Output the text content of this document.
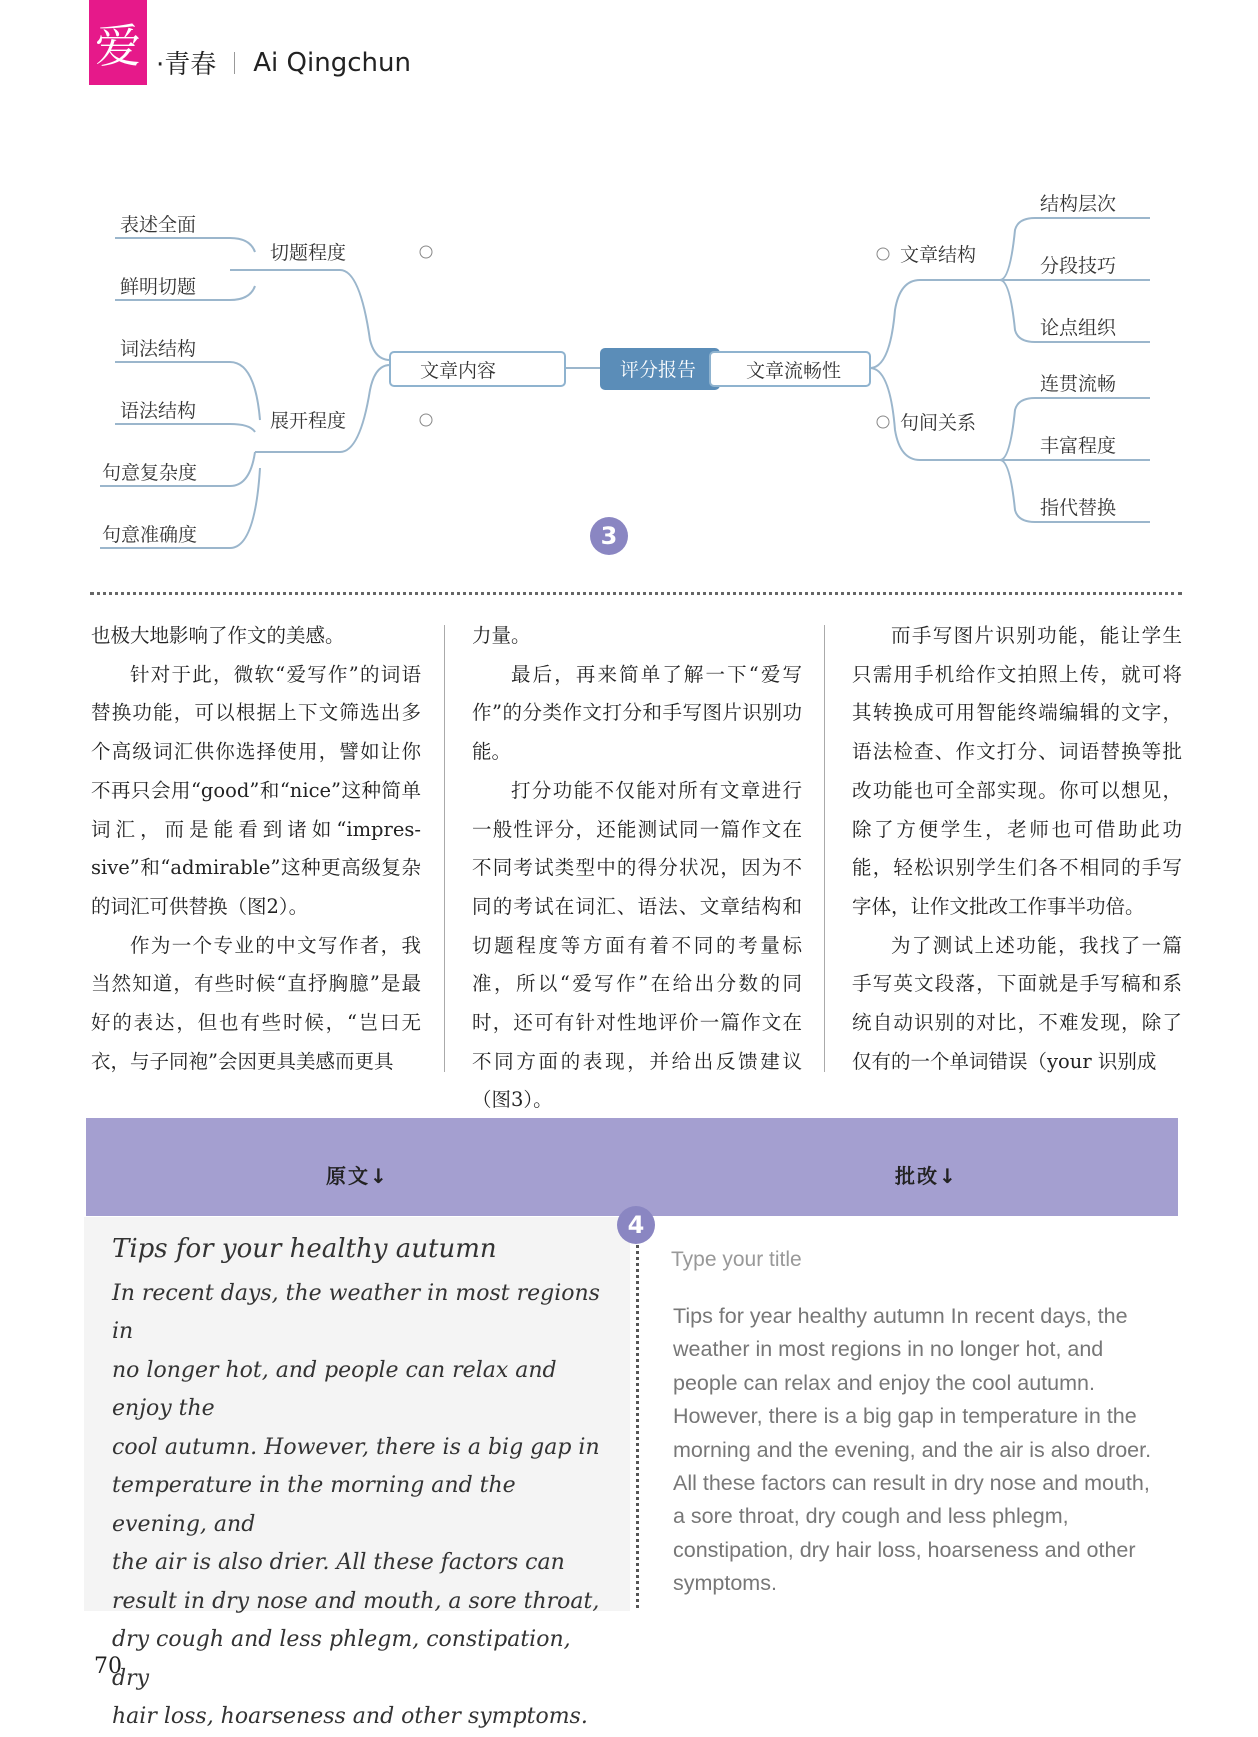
爱 ·青春 Ai Qingchun
评分报告
文章内容	文章流畅性
切题程度
展开程度
表述全面
鲜明切题
词法结构
语法结构
句意复杂度
句意准确度
文章结构
句间关系
结构层次
分段技巧
论点组织
连贯流畅
丰富程度
指代替换
3

也极大地影响了作文的美感。

针对于此，微软“爱写作”的词语替换功能，可以根据上下文筛选出多个高级词汇供你选择使用，譬如让你不再只会用“good”和“nice”这种简单词汇，而是能看到诸如“impres-sive”和“admirable”这种更高级复杂的词汇可供替换（图2）。

作为一个专业的中文写作者，我当然知道，有些时候“直抒胸臆”是最好的表达，但也有些时候，“岂曰无衣，与子同袍”会因更具美感而更具

力量。

最后，再来简单了解一下“爱写作”的分类作文打分和手写图片识别功能。

打分功能不仅能对所有文章进行一般性评分，还能测试同一篇作文在不同考试类型中的得分状况，因为不同的考试在词汇、语法、文章结构和切题程度等方面有着不同的考量标准，所以“爱写作”在给出分数的同时，还可有针对性地评价一篇作文在不同方面的表现，并给出反馈建议（图3）。

而手写图片识别功能，能让学生只需用手机给作文拍照上传，就可将其转换成可用智能终端编辑的文字，语法检查、作文打分、词语替换等批改功能也可全部实现。你可以想见，除了方便学生，老师也可借助此功能，轻松识别学生们各不相同的手写字体，让作文批改工作事半功倍。

为了测试上述功能，我找了一篇手写英文段落，下面就是手写稿和系统自动识别的对比，不难发现，除了仅有的一个单词错误（your 识别成

原文↓	批改↓
Tips for your healthy autumn
In recent days, the weather in most regions in
no longer hot, and people can relax and enjoy the
cool autumn. However, there is a big gap in
temperature in the morning and the evening, and
the air is also drier. All these factors can
result in dry nose and mouth, a sore throat,
dry cough and less phlegm, constipation, dry
hair loss, hoarseness and other symptoms.
4
Type your title
Tips for year healthy autumn In recent days, the weather in most regions in no longer hot, and people can relax and enjoy the cool autumn. However, there is a big gap in temperature in the morning and the evening, and the air is also droer. All these factors can result in dry nose and mouth, a sore throat, dry cough and less phlegm, constipation, dry hair loss, hoarseness and other symptoms.
70
